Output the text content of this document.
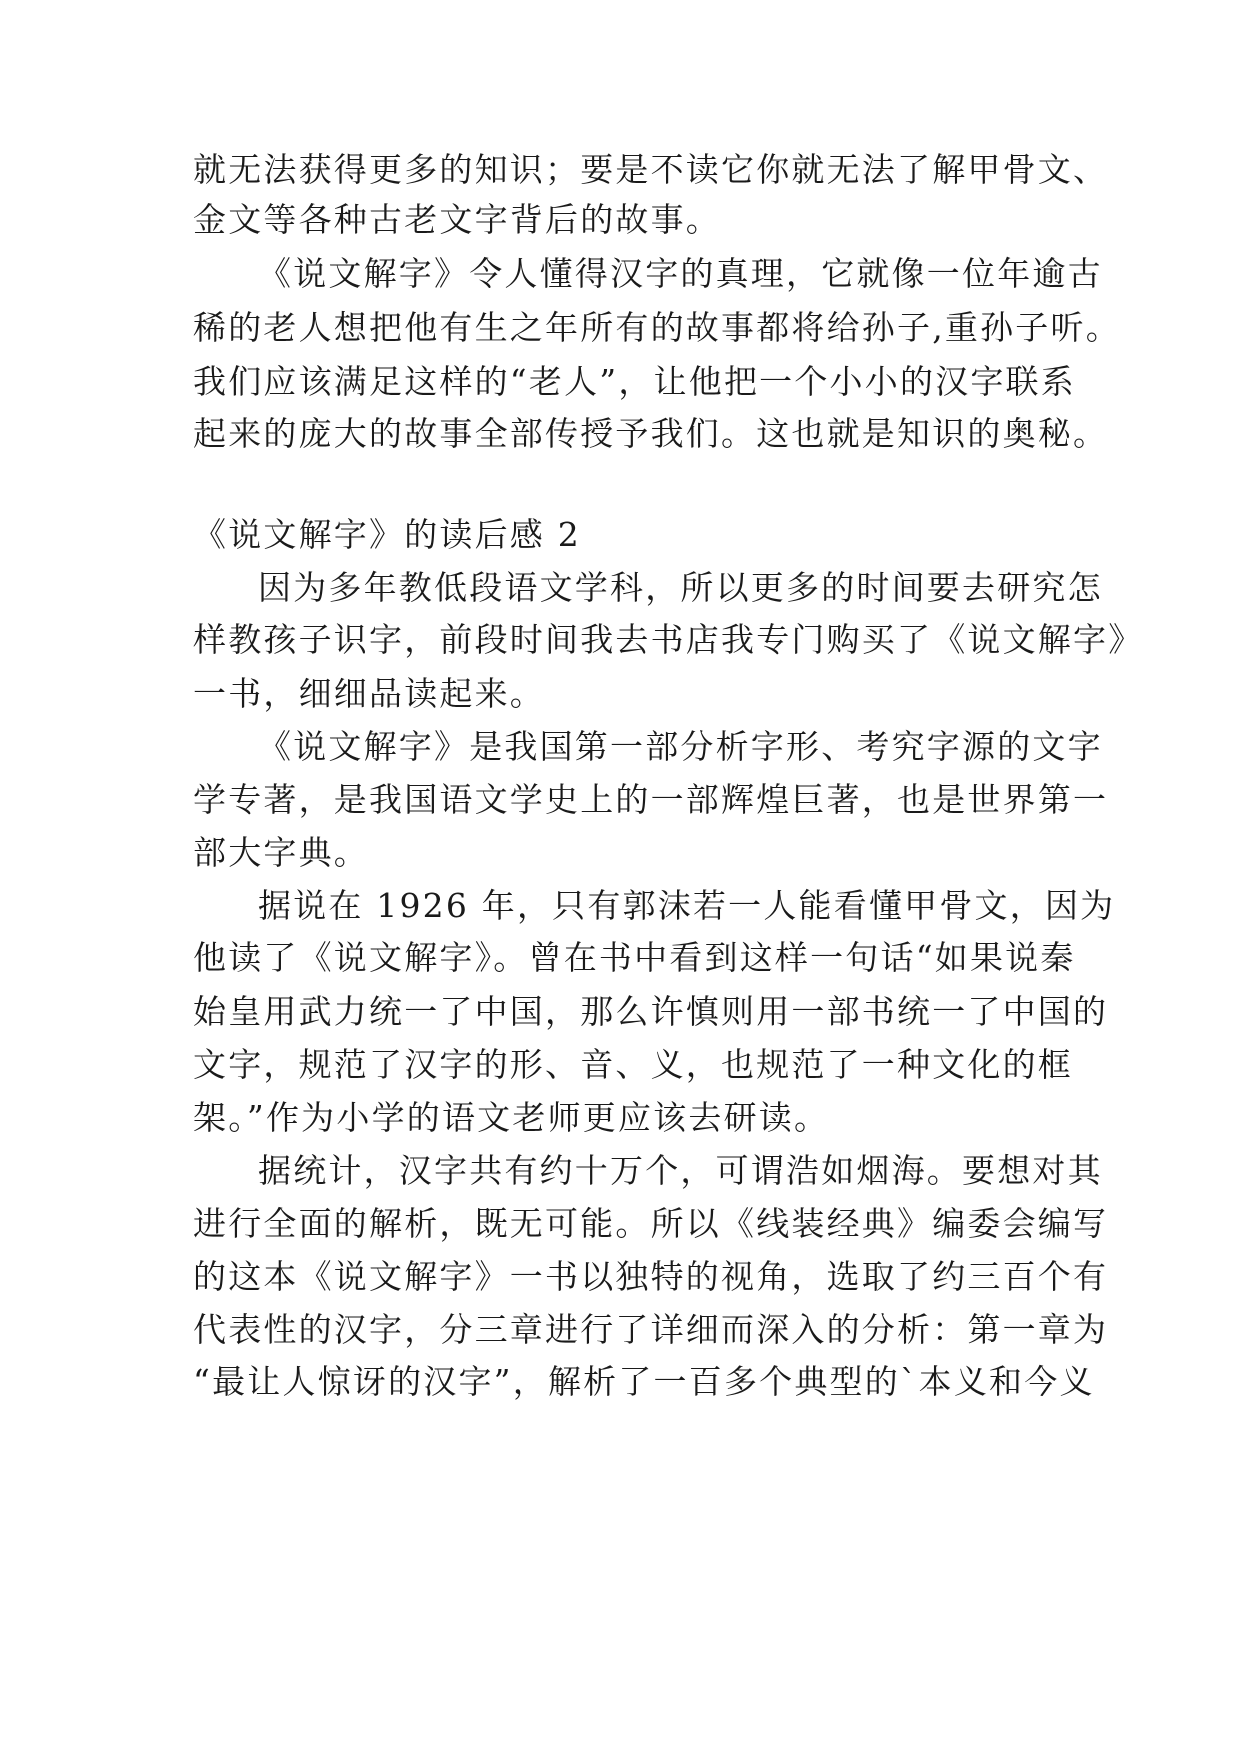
就无法获得更多的知识；要是不读它你就无法了解甲骨文、
金文等各种古老文字背后的故事。
《说文解字》令人懂得汉字的真理，它就像一位年逾古
稀的老人想把他有生之年所有的故事都将给孙子,重孙子听。
我们应该满足这样的“老人”，让他把一个小小的汉字联系
起来的庞大的故事全部传授予我们。这也就是知识的奥秘。
《说文解字》的读后感 2
因为多年教低段语文学科，所以更多的时间要去研究怎
样教孩子识字，前段时间我去书店我专门购买了《说文解字》
一书，细细品读起来。
《说文解字》是我国第一部分析字形、考究字源的文字
学专著，是我国语文学史上的一部辉煌巨著，也是世界第一
部大字典。
据说在 1926 年，只有郭沫若一人能看懂甲骨文，因为
他读了《说文解字》。曾在书中看到这样一句话“如果说秦
始皇用武力统一了中国，那么许慎则用一部书统一了中国的
文字，规范了汉字的形、音、义，也规范了一种文化的框
架。”作为小学的语文老师更应该去研读。
据统计，汉字共有约十万个，可谓浩如烟海。要想对其
进行全面的解析，既无可能。所以《线装经典》编委会编写
的这本《说文解字》一书以独特的视角，选取了约三百个有
代表性的汉字，分三章进行了详细而深入的分析：第一章为
“最让人惊讶的汉字”，解析了一百多个典型的`本义和今义
